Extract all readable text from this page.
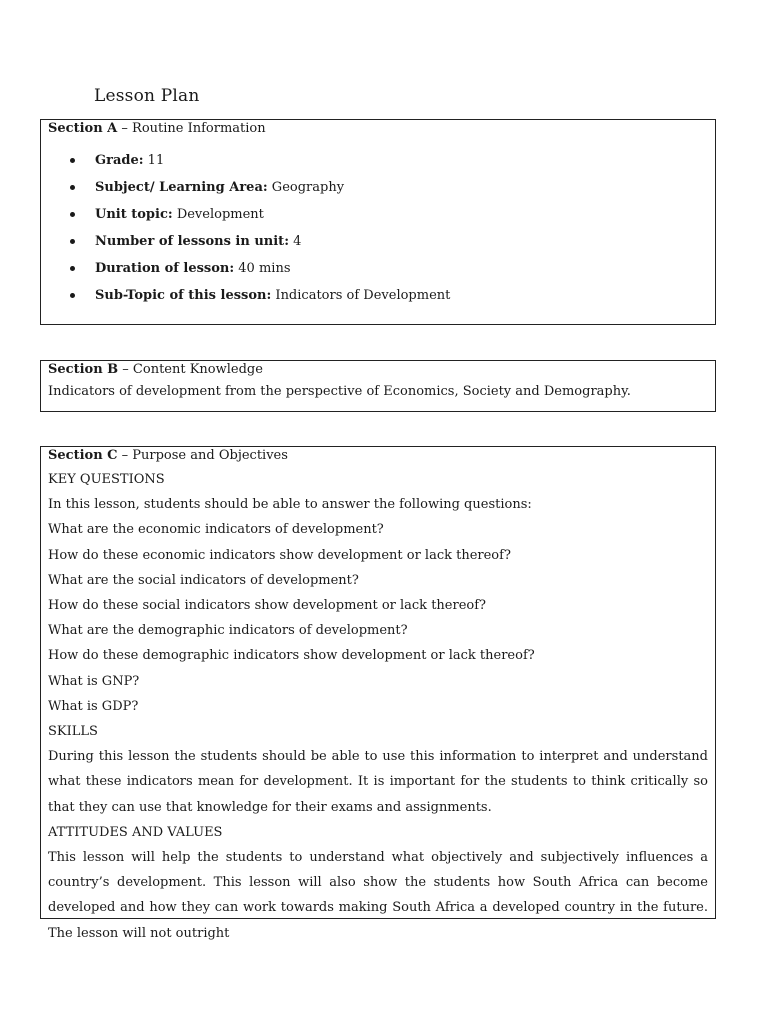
Lesson Plan
Section A – Routine Information
Grade: 11
Subject/ Learning Area: Geography
Unit topic: Development
Number of lessons in unit: 4
Duration of lesson: 40 mins
Sub-Topic of this lesson: Indicators of Development
Section B – Content Knowledge
Indicators of development from the perspective of Economics, Society and Demography.
Section C – Purpose and Objectives
KEY QUESTIONS
In this lesson, students should be able to answer the following questions:
What are the economic indicators of development?
How do these economic indicators show development or lack thereof?
What are the social indicators of development?
How do these social indicators show development or lack thereof?
What are the demographic indicators of development?
How do these demographic indicators show development or lack thereof?
What is GNP?
What is GDP?
SKILLS
During this lesson the students should be able to use this information to interpret and understand what these indicators mean for development. It is important for the students to think critically so that they can use that knowledge for their exams and assignments.
ATTITUDES AND VALUES
This lesson will help the students to understand what objectively and subjectively influences a country’s development. This lesson will also show the students how South Africa can become developed and how they can work towards making South Africa a developed country in the future. The lesson will not outright
